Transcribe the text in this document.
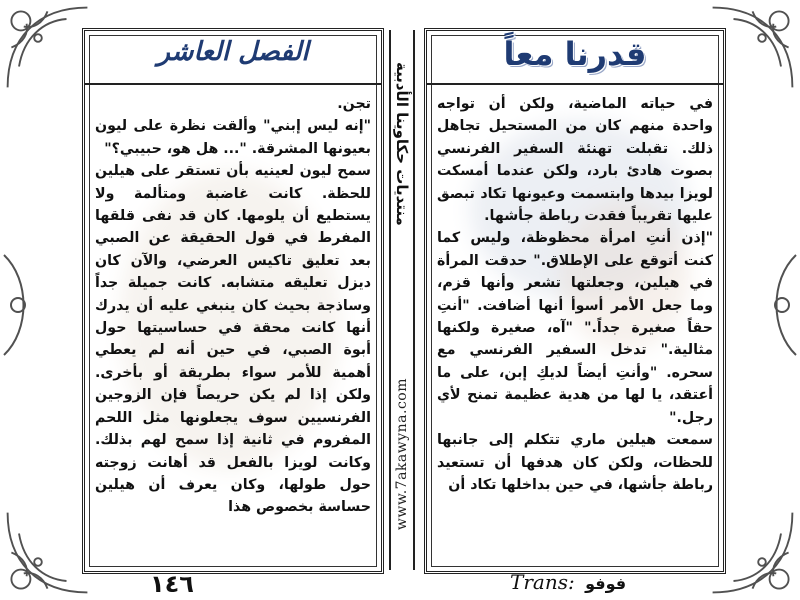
الفصل العاشر

تجن.

"إنه ليس إبني" وألقت نظرة على ليون بعيونها المشرقة. "... هل هو، حبيبي؟"

سمح ليون لعينيه بأن تستقر على هيلين للحظة. كانت غاضبة ومتألمة ولا يستطيع أن يلومها. كان قد نفى قلقها المفرط في قول الحقيقة عن الصبي بعد تعليق تاكيس العرضي، والآن كان ديزل تعليقه متشابه. كانت جميلة جداً وساذجة بحيث كان ينبغي عليه أن يدرك أنها كانت محقة في حساسيتها حول أبوة الصبي، في حين أنه لم يعطي أهمية للأمر سواء بطريقة أو بأخرى. ولكن إذا لم يكن حريصاً فإن الزوجين الفرنسيين سوف يجعلونها مثل اللحم المفروم في ثانية إذا سمح لهم بذلك. وكانت لويزا بالفعل قد أهانت زوجته حول طولها، وكان يعرف أن هيلين حساسة بخصوص هذا

منتديات حكاوينا الأدبية
www.7akawyna.com
قدرنا معاً

في حياته الماضية، ولكن أن تواجه واحدة منهم كان من المستحيل تجاهل ذلك. تقبلت تهنئة السفير الفرنسي بصوت هادئ بارد، ولكن عندما أمسكت لويزا بيدها وابتسمت وعيونها تكاد تبصق عليها تقريباً فقدت رباطة جأشها.

"إذن أنتِ امرأة محظوظة، وليس كما كنت أتوقع على الإطلاق." حدقت المرأة في هيلين، وجعلتها تشعر وأنها قزم، وما جعل الأمر أسوأ أنها أضافت. "أنتِ حقاً صغيرة جداً." "آه، صغيرة ولكنها مثالية." تدخل السفير الفرنسي مع سحره. "وأنتِ أيضاً لديكِ إبن، على ما أعتقد، يا لها من هدية عظيمة تمنح لأي رجل."

سمعت هيلين ماري تتكلم إلى جانبها للحظات، ولكن كان هدفها أن تستعيد رباطة جأشها، في حين بداخلها تكاد أن

١٤٦	Trans: فوفو
